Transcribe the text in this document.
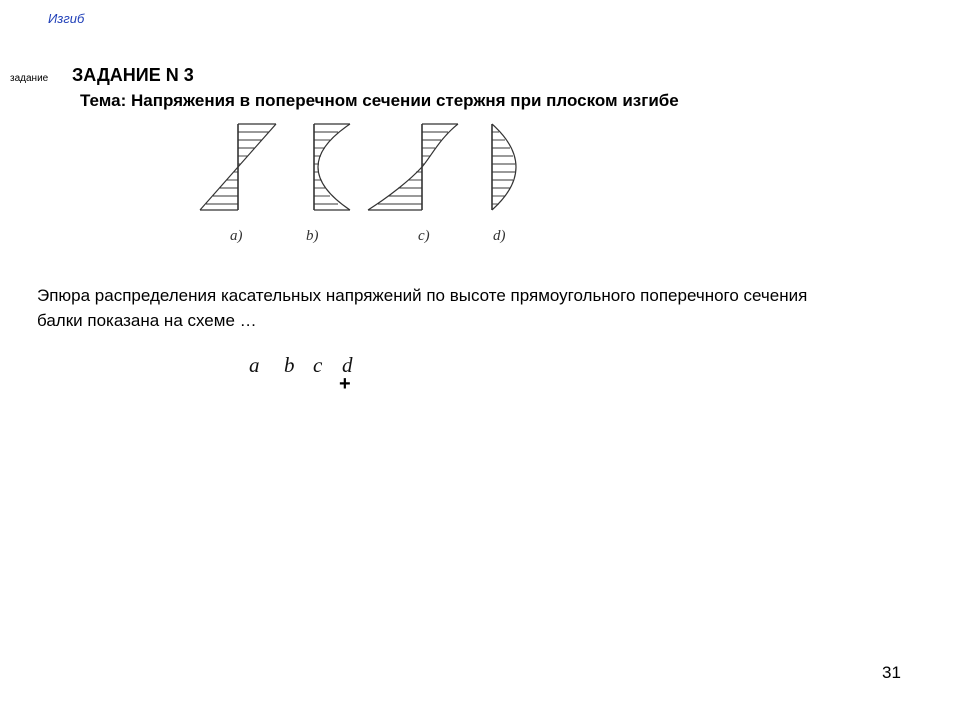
Изгиб
задание ЗАДАНИЕ N 3
Тема: Напряжения в поперечном сечении стержня при плоском изгибе
a)	b)	c)	d)
Эпюра распределения касательных напряжений по высоте прямоугольного поперечного сечения балки показана на схеме …
a b c d
+
31
